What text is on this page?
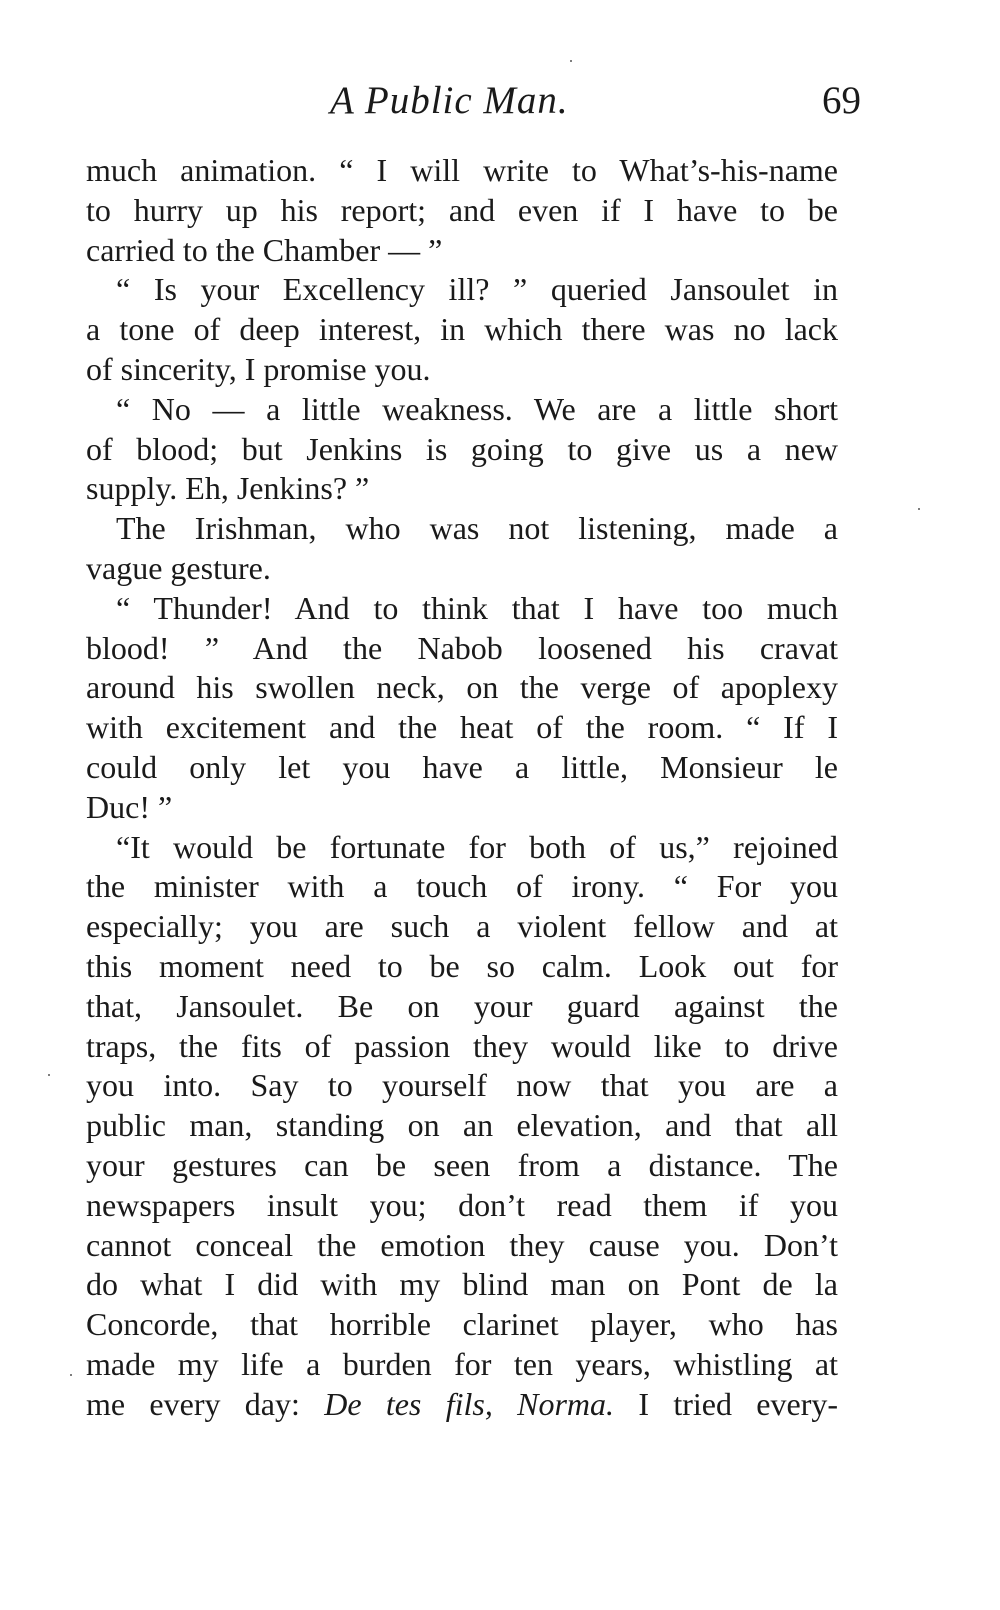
A Public Man.	69
much animation. “ I will write to What’s-his-name
to hurry up his report; and even if I have to be
carried to the Chamber — ”
“ Is your Excellency ill? ” queried Jansoulet in
a tone of deep interest, in which there was no lack
of sincerity, I promise you.
“ No — a little weakness. We are a little short
of blood; but Jenkins is going to give us a new
supply. Eh, Jenkins? ”
The Irishman, who was not listening, made a
vague gesture.
“ Thunder! And to think that I have too much
blood! ” And the Nabob loosened his cravat
around his swollen neck, on the verge of apoplexy
with excitement and the heat of the room. “ If I
could only let you have a little, Monsieur le
Duc! ”
“It would be fortunate for both of us,” rejoined
the minister with a touch of irony. “ For you
especially; you are such a violent fellow and at
this moment need to be so calm. Look out for
that, Jansoulet. Be on your guard against the
traps, the fits of passion they would like to drive
you into. Say to yourself now that you are a
public man, standing on an elevation, and that all
your gestures can be seen from a distance. The
newspapers insult you; don’t read them if you
cannot conceal the emotion they cause you. Don’t
do what I did with my blind man on Pont de la
Concorde, that horrible clarinet player, who has
made my life a burden for ten years, whistling at
me every day: De tes fils, Norma. I tried every-
